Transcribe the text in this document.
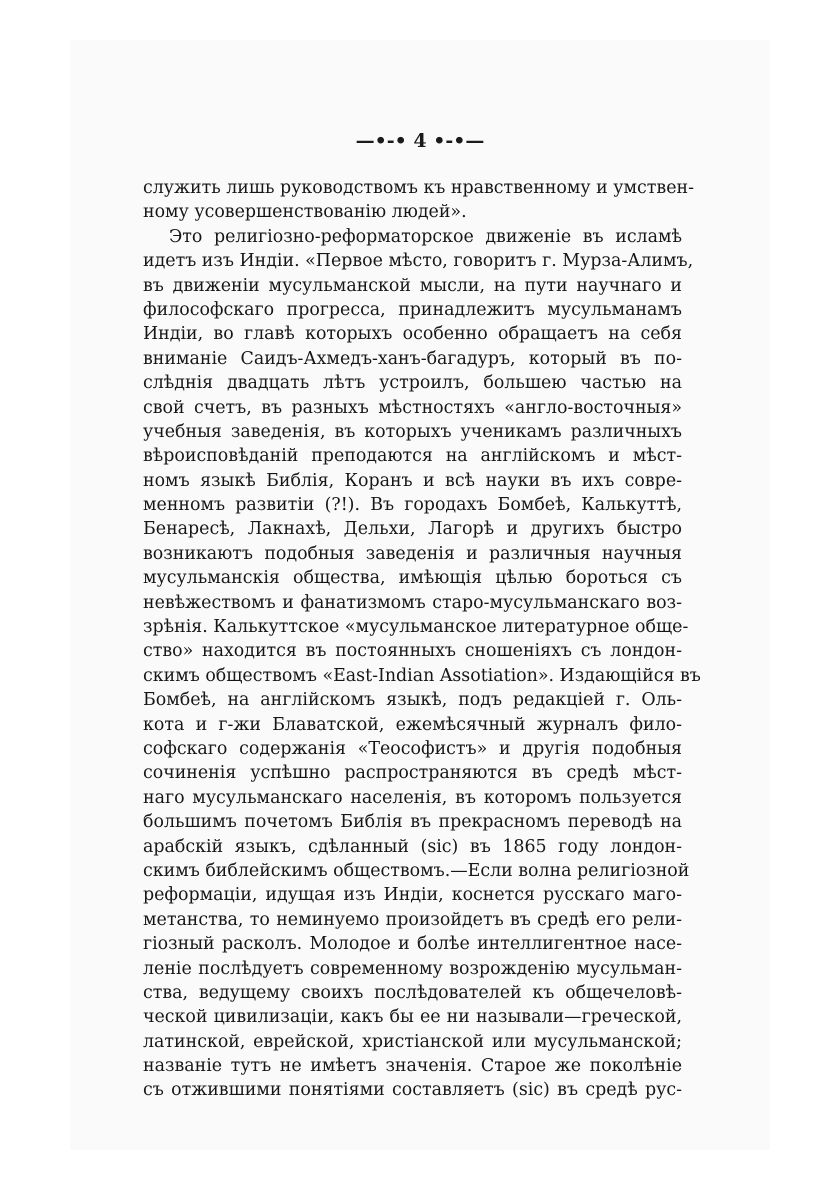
—•-• 4 •-•—
служить лишь руководствомъ къ нравственному и умствен-
ному усовершенствованію людей».
Это религіозно-реформаторское движеніе въ исламѣ
идетъ изъ Индіи. «Первое мѣсто, говоритъ г. Мурза-Алимъ,
въ движеніи мусульманской мысли, на пути научнаго и
философскаго прогресса, принадлежитъ мусульманамъ
Индіи, во главѣ которыхъ особенно обращаетъ на себя
вниманіе Саидъ-Ахмедъ-ханъ-багадуръ, который въ по-
слѣднія двадцать лѣтъ устроилъ, большею частью на
свой счетъ, въ разныхъ мѣстностяхъ «англо-восточныя»
учебныя заведенія, въ которыхъ ученикамъ различныхъ
вѣроисповѣданій преподаются на англійскомъ и мѣст-
номъ языкѣ Библія, Коранъ и всѣ науки въ ихъ совре-
менномъ развитіи (?!). Въ городахъ Бомбеѣ, Калькуттѣ,
Бенаресѣ, Лакнахѣ, Дельхи, Лагорѣ и другихъ быстро
возникаютъ подобныя заведенія и различныя научныя
мусульманскія общества, имѣющія цѣлью бороться съ
невѣжествомъ и фанатизмомъ старо-мусульманскаго воз-
зрѣнія. Калькуттское «мусульманское литературное обще-
ство» находится въ постоянныхъ сношеніяхъ съ лондон-
скимъ обществомъ «East-Indian Assotiation». Издающійся въ
Бомбеѣ, на англійскомъ языкѣ, подъ редакціей г. Оль-
кота и г-жи Блаватской, ежемѣсячный журналъ фило-
софскаго содержанія «Теософистъ» и другія подобныя
сочиненія успѣшно распространяются въ средѣ мѣст-
наго мусульманскаго населенія, въ которомъ пользуется
большимъ почетомъ Библія въ прекрасномъ переводѣ на
арабскій языкъ, сдѣланный (sic) въ 1865 году лондон-
скимъ библейскимъ обществомъ.—Если волна религіозной
реформаціи, идущая изъ Индіи, коснется русскаго маго-
метанства, то неминуемо произойдетъ въ средѣ его рели-
гіозный расколъ. Молодое и болѣе интеллигентное насе-
леніе послѣдуетъ современному возрожденію мусульман-
ства, ведущему своихъ послѣдователей къ общечеловѣ-
ческой цивилизаціи, какъ бы ее ни называли—греческой,
латинской, еврейской, христіанской или мусульманской;
названіе тутъ не имѣетъ значенія. Старое же поколѣніе
съ отжившими понятіями составляетъ (sic) въ средѣ рус-
